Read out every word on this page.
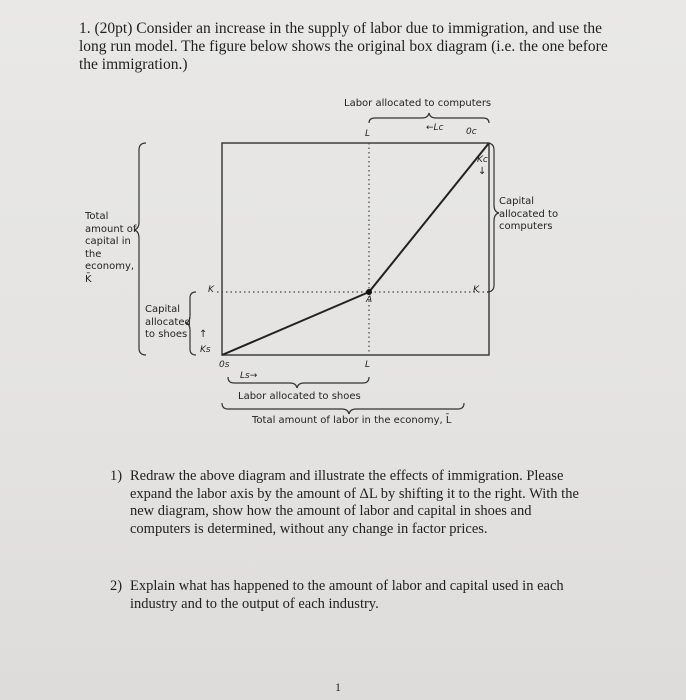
1. (20pt) Consider an increase in the supply of labor due to immigration, and use the long run model. The figure below shows the original box diagram (i.e. the one before the immigration.)
Labor allocated to computers
←Lc 0c
Kc
↓
Capital
allocated to
computers
Total
amount of
capital in
the
economy,
K̄
K	K
L
L
A
Capital
allocated
to shoes	↑
Ks
0s
Ls→
Labor allocated to shoes
Total amount of labor in the economy, L̄
1) Redraw the above diagram and illustrate the effects of immigration. Please expand the labor axis by the amount of ΔL by shifting it to the right. With the new diagram, show how the amount of labor and capital in shoes and computers is determined, without any change in factor prices.
2) Explain what has happened to the amount of labor and capital used in each industry and to the output of each industry.
1
